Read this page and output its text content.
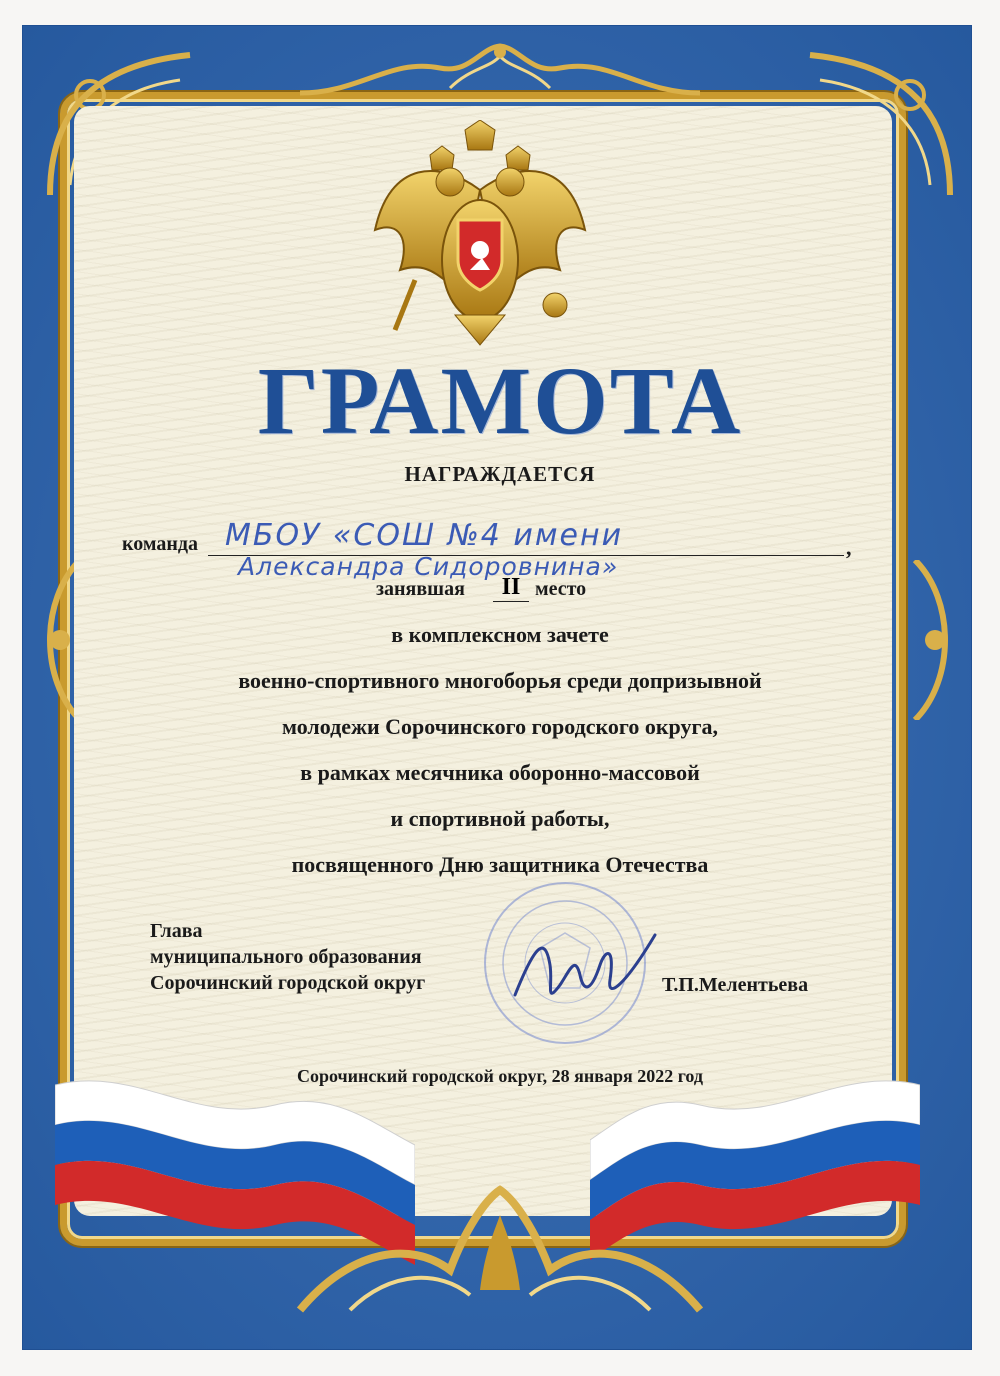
ГРАМОТА
НАГРАЖДАЕТСЯ
команда МБОУ «СОШ №4 имени	,
Александра Сидоровнина»
занявшая	II место
в комплексном зачете
военно-спортивного многоборья среди допризывной
молодежи Сорочинского городского округа,
в рамках месячника оборонно-массовой
и спортивной работы,
посвященного Дню защитника Отечества
Глава
муниципального образования
Сорочинский городской округ	Т.П.Мелентьева
Сорочинский городской округ, 28 января 2022 год
